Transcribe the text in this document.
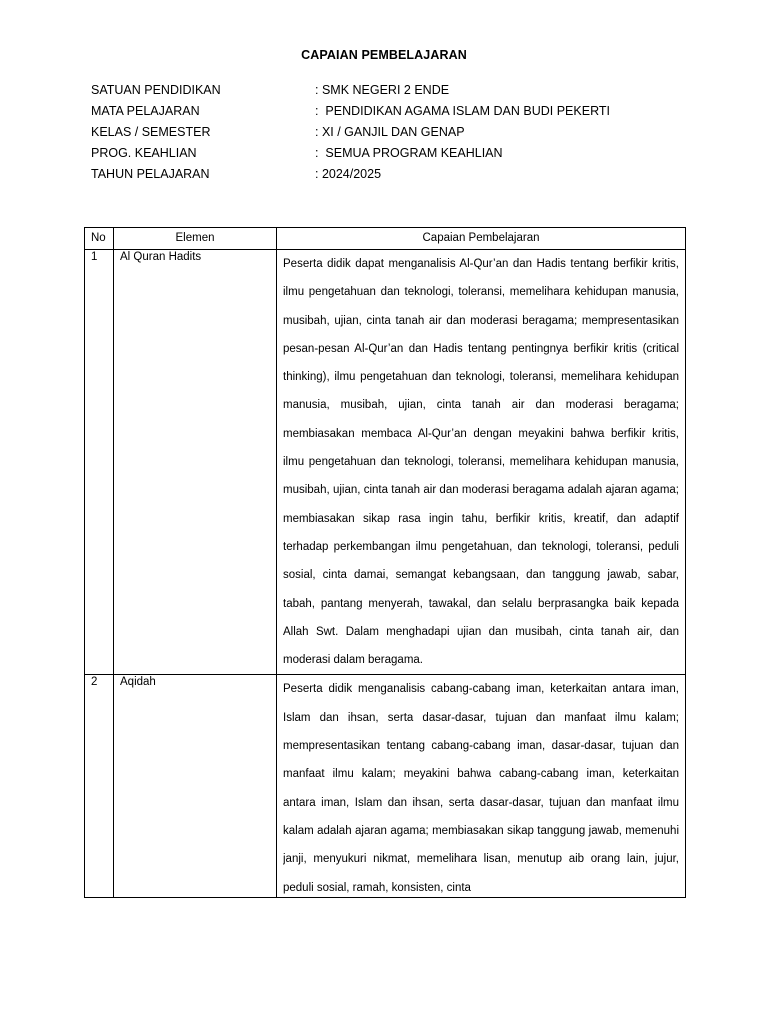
CAPAIAN PEMBELAJARAN
SATUAN PENDIDIKAN	: SMK NEGERI 2 ENDE
MATA PELAJARAN	:  PENDIDIKAN AGAMA ISLAM DAN BUDI PEKERTI
KELAS / SEMESTER	: XI / GANJIL DAN GENAP
PROG. KEAHLIAN	:  SEMUA PROGRAM KEAHLIAN
TAHUN PELAJARAN	: 2024/2025
No	Elemen	Capaian Pembelajaran
1	Al Quran Hadits	Peserta didik dapat menganalisis Al-Qur’an dan Hadis tentang berfikir kritis, ilmu pengetahuan dan teknologi, toleransi, memelihara kehidupan manusia, musibah, ujian, cinta tanah air dan moderasi beragama; mempresentasikan pesan-pesan Al-Qur’an dan Hadis tentang pentingnya berfikir kritis (critical thinking), ilmu pengetahuan dan teknologi, toleransi, memelihara kehidupan manusia, musibah, ujian, cinta tanah air dan moderasi beragama; membiasakan membaca Al-Qur’an dengan meyakini bahwa berfikir kritis, ilmu pengetahuan dan teknologi, toleransi, memelihara kehidupan manusia, musibah, ujian, cinta tanah air dan moderasi beragama adalah ajaran agama; membiasakan sikap rasa ingin tahu, berfikir kritis, kreatif, dan adaptif terhadap perkembangan ilmu pengetahuan, dan teknologi, toleransi, peduli sosial, cinta damai, semangat kebangsaan, dan tanggung jawab, sabar, tabah, pantang menyerah, tawakal, dan selalu berprasangka baik kepada Allah Swt. Dalam menghadapi ujian dan musibah, cinta tanah air, dan moderasi dalam beragama.

2	Aqidah	Peserta didik menganalisis cabang-cabang iman, keterkaitan antara iman, Islam dan ihsan, serta dasar-dasar, tujuan dan manfaat ilmu kalam; mempresentasikan tentang cabang-cabang iman, dasar-dasar, tujuan dan manfaat ilmu kalam; meyakini bahwa cabang-cabang iman, keterkaitan antara iman, Islam dan ihsan, serta dasar-dasar, tujuan dan manfaat ilmu kalam adalah ajaran agama; membiasakan sikap tanggung jawab, memenuhi janji, menyukuri nikmat, memelihara lisan, menutup aib orang lain, jujur, peduli sosial, ramah, konsisten, cinta
